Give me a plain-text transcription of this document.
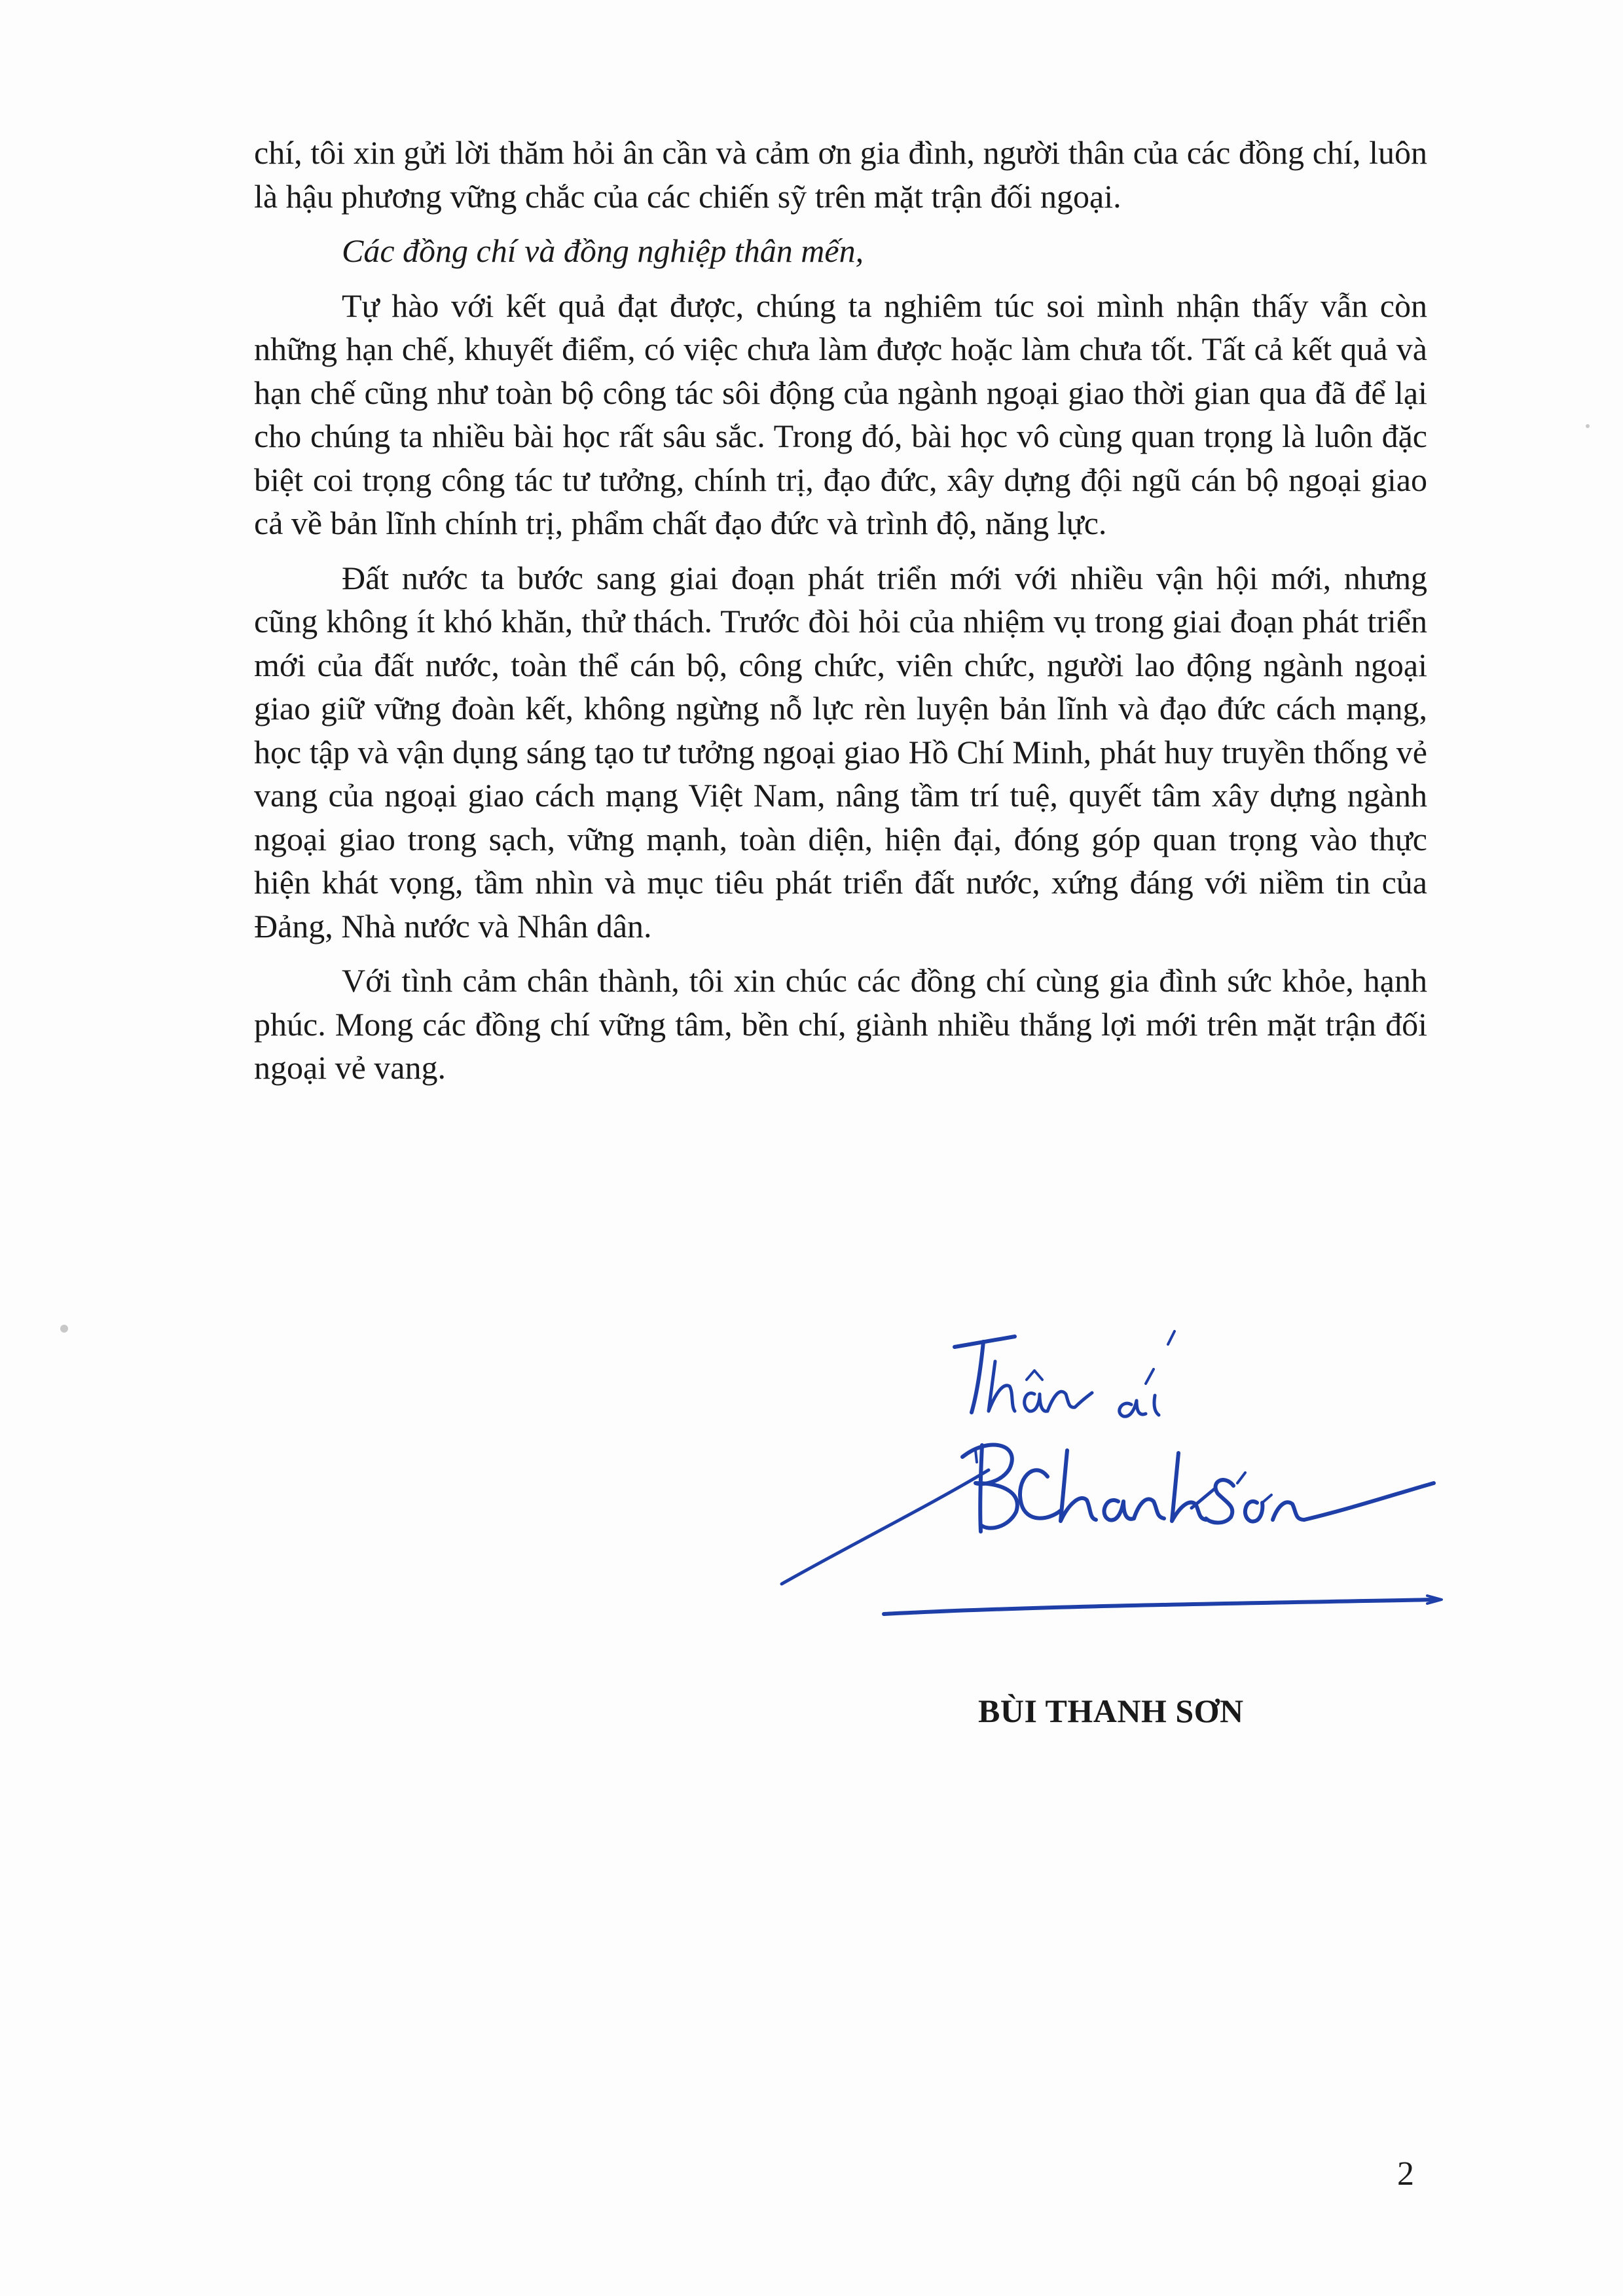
chí, tôi xin gửi lời thăm hỏi ân cần và cảm ơn gia đình, người thân của các đồng chí, luôn là hậu phương vững chắc của các chiến sỹ trên mặt trận đối ngoại.

Các đồng chí và đồng nghiệp thân mến,

Tự hào với kết quả đạt được, chúng ta nghiêm túc soi mình nhận thấy vẫn còn những hạn chế, khuyết điểm, có việc chưa làm được hoặc làm chưa tốt. Tất cả kết quả và hạn chế cũng như toàn bộ công tác sôi động của ngành ngoại giao thời gian qua đã để lại cho chúng ta nhiều bài học rất sâu sắc. Trong đó, bài học vô cùng quan trọng là luôn đặc biệt coi trọng công tác tư tưởng, chính trị, đạo đức, xây dựng đội ngũ cán bộ ngoại giao cả về bản lĩnh chính trị, phẩm chất đạo đức và trình độ, năng lực.

Đất nước ta bước sang giai đoạn phát triển mới với nhiều vận hội mới, nhưng cũng không ít khó khăn, thử thách. Trước đòi hỏi của nhiệm vụ trong giai đoạn phát triển mới của đất nước, toàn thể cán bộ, công chức, viên chức, người lao động ngành ngoại giao giữ vững đoàn kết, không ngừng nỗ lực rèn luyện bản lĩnh và đạo đức cách mạng, học tập và vận dụng sáng tạo tư tưởng ngoại giao Hồ Chí Minh, phát huy truyền thống vẻ vang của ngoại giao cách mạng Việt Nam, nâng tầm trí tuệ, quyết tâm xây dựng ngành ngoại giao trong sạch, vững mạnh, toàn diện, hiện đại, đóng góp quan trọng vào thực hiện khát vọng, tầm nhìn và mục tiêu phát triển đất nước, xứng đáng với niềm tin của Đảng, Nhà nước và Nhân dân.

Với tình cảm chân thành, tôi xin chúc các đồng chí cùng gia đình sức khỏe, hạnh phúc. Mong các đồng chí vững tâm, bền chí, giành nhiều thắng lợi mới trên mặt trận đối ngoại vẻ vang.

BÙI THANH SƠN
2
